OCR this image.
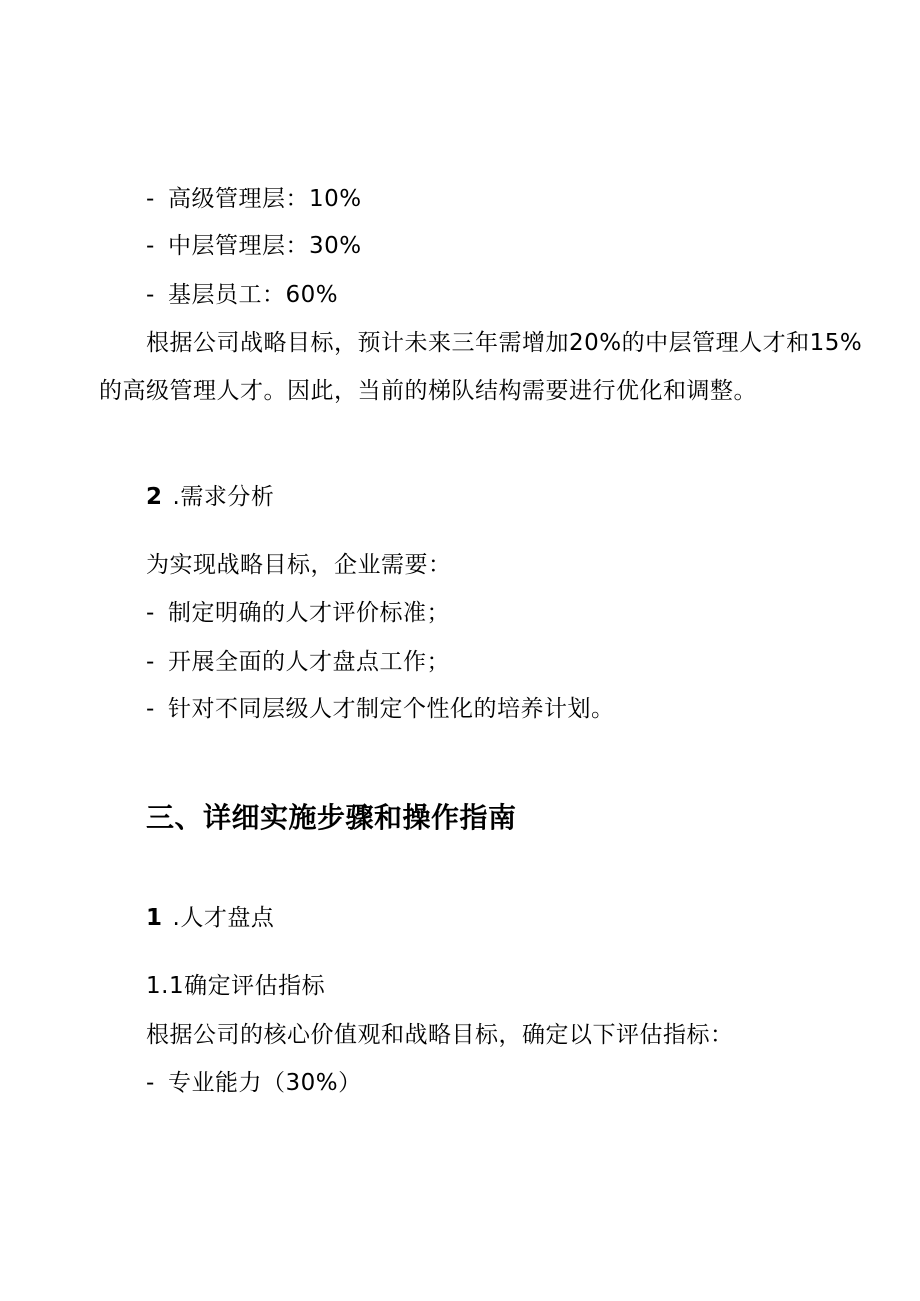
- 高级管理层：10%
- 中层管理层：30%
- 基层员工：60%
根据公司战略目标，预计未来三年需增加20%的中层管理人才和15%
的高级管理人才。因此，当前的梯队结构需要进行优化和调整。
2 .需求分析
为实现战略目标，企业需要：
- 制定明确的人才评价标准；
- 开展全面的人才盘点工作；
- 针对不同层级人才制定个性化的培养计划。
三、详细实施步骤和操作指南
1 .人才盘点
1.1确定评估指标
根据公司的核心价值观和战略目标，确定以下评估指标：
- 专业能力（30%）
